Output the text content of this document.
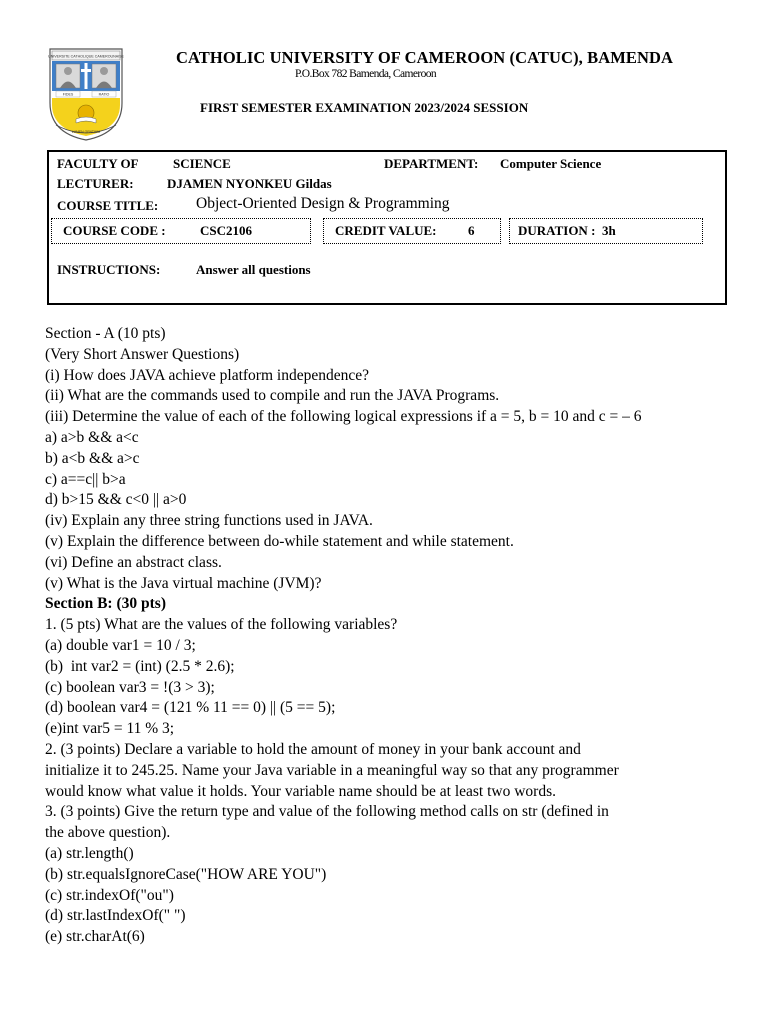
UNIVERSITE CATHOLIQUE CAMEROUNAISE
FIDES	RATIO
LUMEN GENTIUM
CATHOLIC UNIVERSITY OF CAMEROON (CATUC), BAMENDA
P.O.Box 782 Bamenda, Cameroon
FIRST SEMESTER EXAMINATION 2023/2024 SESSION
FACULTY OF	SCIENCE	DEPARTMENT: Computer Science
LECTURER:	DJAMEN NYONKEU Gildas
COURSE TITLE: Object-Oriented Design & Programming
COURSE CODE :	CSC2106	CREDIT VALUE: 6	DURATION : 3h
INSTRUCTIONS:	Answer all questions
Section - A (10 pts)
(Very Short Answer Questions)
(i) How does JAVA achieve platform independence?
(ii) What are the commands used to compile and run the JAVA Programs.
(iii) Determine the value of each of the following logical expressions if a = 5, b = 10 and c = – 6
a) a>b && a<c
b) a<b && a>c
c) a==c|| b>a
d) b>15 && c<0 || a>0
(iv) Explain any three string functions used in JAVA.
(v) Explain the difference between do-while statement and while statement.
(vi) Define an abstract class.
(v) What is the Java virtual machine (JVM)?
Section B: (30 pts)
1. (5 pts) What are the values of the following variables?
(a) double var1 = 10 / 3;
(b)  int var2 = (int) (2.5 * 2.6);
(c) boolean var3 = !(3 > 3);
(d) boolean var4 = (121 % 11 == 0) || (5 == 5);
(e)int var5 = 11 % 3;
2. (3 points) Declare a variable to hold the amount of money in your bank account and
initialize it to 245.25. Name your Java variable in a meaningful way so that any programmer
would know what value it holds. Your variable name should be at least two words.
3. (3 points) Give the return type and value of the following method calls on str (defined in
the above question).
(a) str.length()
(b) str.equalsIgnoreCase("HOW ARE YOU")
(c) str.indexOf("ou")
(d) str.lastIndexOf(" ")
(e) str.charAt(6)
